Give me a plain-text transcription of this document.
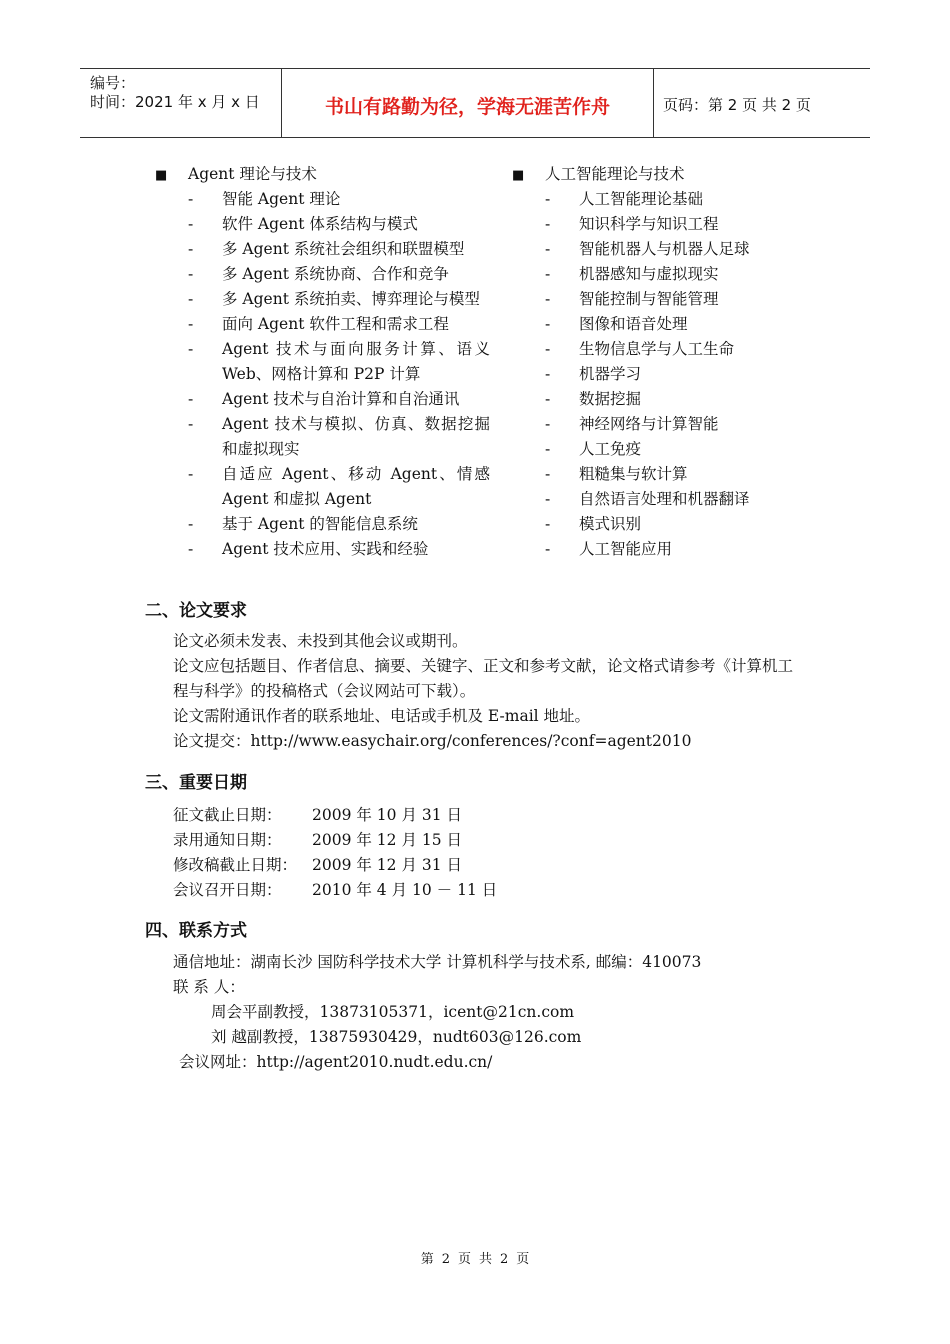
编号：
时间：2021 年 x 月 x 日	书山有路勤为径，学海无涯苦作舟	页码：第 2 页 共 2 页
■ Agent 理论与技术
- 智能 Agent 理论
- 软件 Agent 体系结构与模式
- 多 Agent 系统社会组织和联盟模型
- 多 Agent 系统协商、合作和竞争
- 多 Agent 系统拍卖、博弈理论与模型
- 面向 Agent 软件工程和需求工程
- Agent 技术与面向服务计算、语义 Web、网格计算和 P2P 计算
- Agent 技术与自治计算和自治通讯
- Agent 技术与模拟、仿真、数据挖掘和虚拟现实
- 自适应 Agent、移动 Agent、情感 Agent 和虚拟 Agent
- 基于 Agent 的智能信息系统
- Agent 技术应用、实践和经验
■ 人工智能理论与技术
- 人工智能理论基础
- 知识科学与知识工程
- 智能机器人与机器人足球
- 机器感知与虚拟现实
- 智能控制与智能管理
- 图像和语音处理
- 生物信息学与人工生命
- 机器学习
- 数据挖掘
- 神经网络与计算智能
- 人工免疫
- 粗糙集与软计算
- 自然语言处理和机器翻译
- 模式识别
- 人工智能应用
二、论文要求
论文必须未发表、未投到其他会议或期刊。
论文应包括题目、作者信息、摘要、关键字、正文和参考文献，论文格式请参考《计算机工程与科学》的投稿格式（会议网站可下载）。
论文需附通讯作者的联系地址、电话或手机及 E-mail 地址。
论文提交：http://www.easychair.org/conferences/?conf=agent2010
三、重要日期
征文截止日期：	2009 年 10 月 31 日
录用通知日期：	2009 年 12 月 15 日
修改稿截止日期： 2009 年 12 月 31 日
会议召开日期：	2010 年 4 月 10 － 11 日
四、联系方式
通信地址：湖南长沙 国防科学技术大学 计算机科学与技术系, 邮编：410073
联 系 人：
周会平副教授，13873105371，icent@21cn.com
刘 越副教授，13875930429，nudt603@126.com
会议网址：http://agent2010.nudt.edu.cn/
第 2 页 共 2 页
